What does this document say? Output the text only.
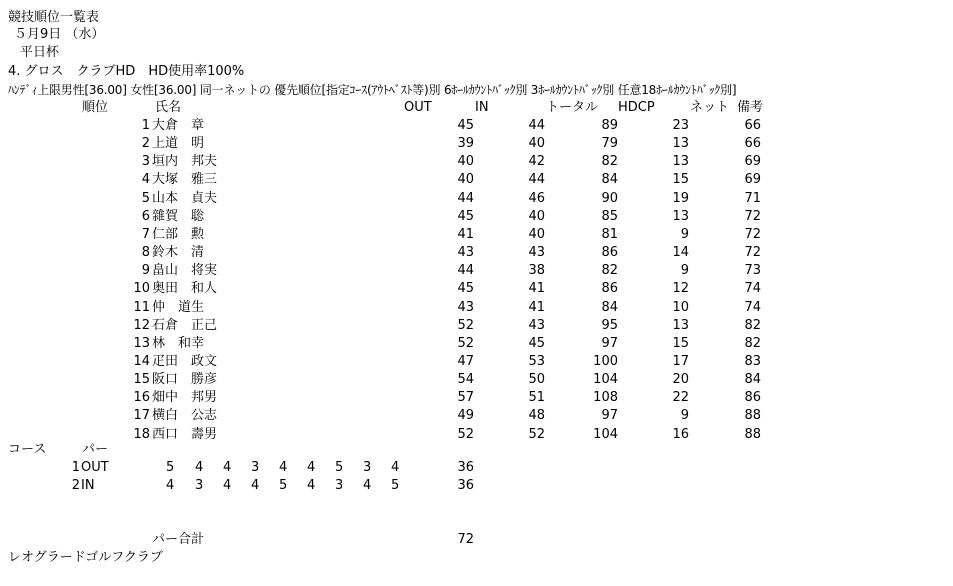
競技順位一覧表
５月9日 （水）
平日杯
4. グロス　クラブHD　HD使用率100%
ﾊﾝﾃﾞｨ上限男性[36.00] 女性[36.00] 同一ネットの 優先順位[指定ｺｰｽ(ｱｳﾄﾍﾞｽﾄ等)別 6ﾎｰﾙｶｳﾝﾄﾊﾞｯｸ別 3ﾎｰﾙｶｳﾝﾄﾊﾞｯｸ別 任意18ﾎｰﾙｶｳﾝﾄﾊﾞｯｸ別]
順位	氏名	OUT	IN	トータル HDCP	ネット 備考
1 大倉　章	45	44	89	23	66
2 上道　明	39	40	79	13	66
3 垣内　邦夫	40	42	82	13	69
4 大塚　雅三	40	44	84	15	69
5 山本　貞夫	44	46	90	19	71
6 雜賀　聡	45	40	85	13	72
7 仁部　勲	41	40	81	9	72
8 鈴木　清	43	43	86	14	72
9 畠山　将実	44	38	82	9	73
10 奥田　和人	45	41	86	12	74
11 仲　道生	43	41	84	10	74
12 石倉　正己	52	43	95	13	82
13 林　和幸	52	45	97	15	82
14 疋田　政文	47	53	100	17	83
15 阪口　勝彦	54	50	104	20	84
16 畑中　邦男	57	51	108	22	86
17 横白　公志	49	48	97	9	88
18 西口　壽男	52	52	104	16	88
コース	パー
1 OUT	5 4 4 3 4 4 5 3 4	36
2 IN	4 3 4 4 5 4 3 4 5	36
パー合計	72
レオグラードゴルフクラブ
